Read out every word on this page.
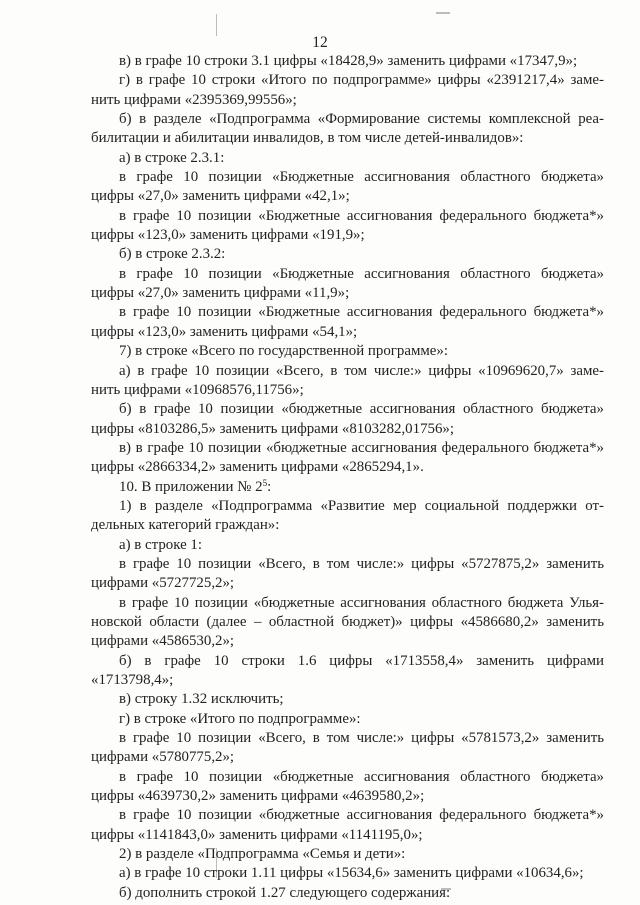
12
в) в графе 10 строки 3.1 цифры «18428,9» заменить цифрами «17347,9»;
г) в графе 10 строки «Итого по подпрограмме» цифры «2391217,4» заме-
нить цифрами «2395369,99556»;
б) в разделе «Подпрограмма «Формирование системы комплексной реа-
билитации и абилитации инвалидов, в том числе детей-инвалидов»:
а) в строке 2.3.1:
в графе 10 позиции «Бюджетные ассигнования областного бюджета»
цифры «27,0» заменить цифрами «42,1»;
в графе 10 позиции «Бюджетные ассигнования федерального бюджета*»
цифры «123,0» заменить цифрами «191,9»;
б) в строке 2.3.2:
в графе 10 позиции «Бюджетные ассигнования областного бюджета»
цифры «27,0» заменить цифрами «11,9»;
в графе 10 позиции «Бюджетные ассигнования федерального бюджета*»
цифры «123,0» заменить цифрами «54,1»;
7) в строке «Всего по государственной программе»:
а) в графе 10 позиции «Всего, в том числе:» цифры «10969620,7» заме-
нить цифрами «10968576,11756»;
б) в графе 10 позиции «бюджетные ассигнования областного бюджета»
цифры «8103286,5» заменить цифрами «8103282,01756»;
в) в графе 10 позиции «бюджетные ассигнования федерального бюджета*»
цифры «2866334,2» заменить цифрами «2865294,1».
10. В приложении № $2^5$:
1) в разделе «Подпрограмма «Развитие мер социальной поддержки от-
дельных категорий граждан»:
а) в строке 1:
в графе 10 позиции «Всего, в том числе:» цифры «5727875,2» заменить
цифрами «5727725,2»;
в графе 10 позиции «бюджетные ассигнования областного бюджета Улья-
новской области (далее – областной бюджет)» цифры «4586680,2» заменить
цифрами «4586530,2»;
б) в графе 10 строки 1.6 цифры «1713558,4» заменить цифрами
«1713798,4»;
в) строку 1.32 исключить;
г) в строке «Итого по подпрограмме»:
в графе 10 позиции «Всего, в том числе:» цифры «5781573,2» заменить
цифрами «5780775,2»;
в графе 10 позиции «бюджетные ассигнования областного бюджета»
цифры «4639730,2» заменить цифрами «4639580,2»;
в графе 10 позиции «бюджетные ассигнования федерального бюджета*»
цифры «1141843,0» заменить цифрами «1141195,0»;
2) в разделе «Подпрограмма «Семья и дети»:
а) в графе 10 строки 1.11 цифры «15634,6» заменить цифрами «10634,6»;
б) дополнить строкой 1.27 следующего содержания:
